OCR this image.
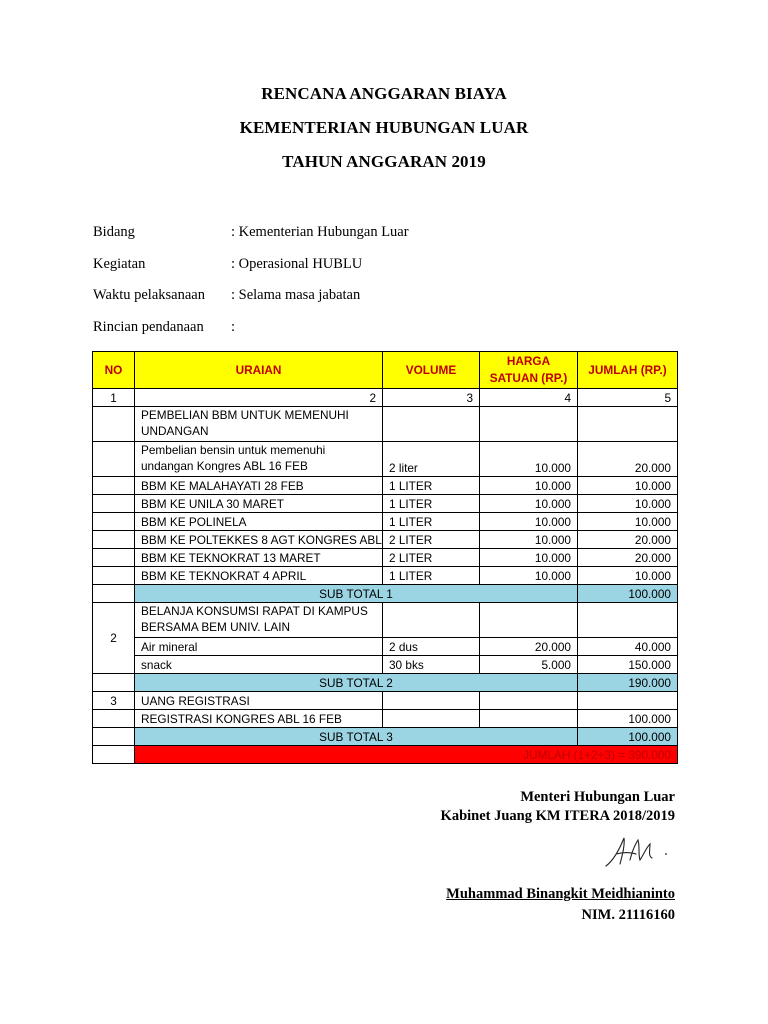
RENCANA ANGGARAN BIAYA
KEMENTERIAN HUBUNGAN LUAR
TAHUN ANGGARAN 2019
Bidang	: Kementerian Hubungan Luar
Kegiatan	: Operasional HUBLU
Waktu pelaksanaan : Selama masa jabatan
Rincian pendanaan :
NO	URAIAN	VOLUME	HARGA SATUAN (RP.)	JUMLAH (RP.)
1	2	3	4	5
	PEMBELIAN BBM UNTUK MEMENUHI UNDANGAN			
	Pembelian bensin untuk memenuhi undangan Kongres ABL 16 FEB	2 liter	10.000	20.000
	BBM KE MALAHAYATI 28 FEB	1 LITER	10.000	10.000
	BBM KE UNILA 30 MARET	1 LITER	10.000	10.000
	BBM KE POLINELA	1 LITER	10.000	10.000
	BBM KE POLTEKKES 8 AGT KONGRES ABL	2 LITER	10.000	20.000
	BBM KE TEKNOKRAT 13 MARET	2 LITER	10.000	20.000
	BBM KE TEKNOKRAT 4 APRIL	1 LITER	10.000	10.000
	SUB TOTAL 1			100.000
2	BELANJA KONSUMSI RAPAT DI KAMPUS BERSAMA BEM UNIV. LAIN			
	Air mineral	2 dus	20.000	40.000
	snack	30 bks	5.000	150.000
	SUB TOTAL 2			190.000
3	UANG REGISTRASI			
	REGISTRASI KONGRES ABL 16 FEB			100.000
	SUB TOTAL 3			100.000
	JUMLAH (1+2+3) = 390.000			
Menteri Hubungan Luar
Kabinet Juang KM ITERA 2018/2019
Muhammad Binangkit Meidhianinto
NIM. 21116160
